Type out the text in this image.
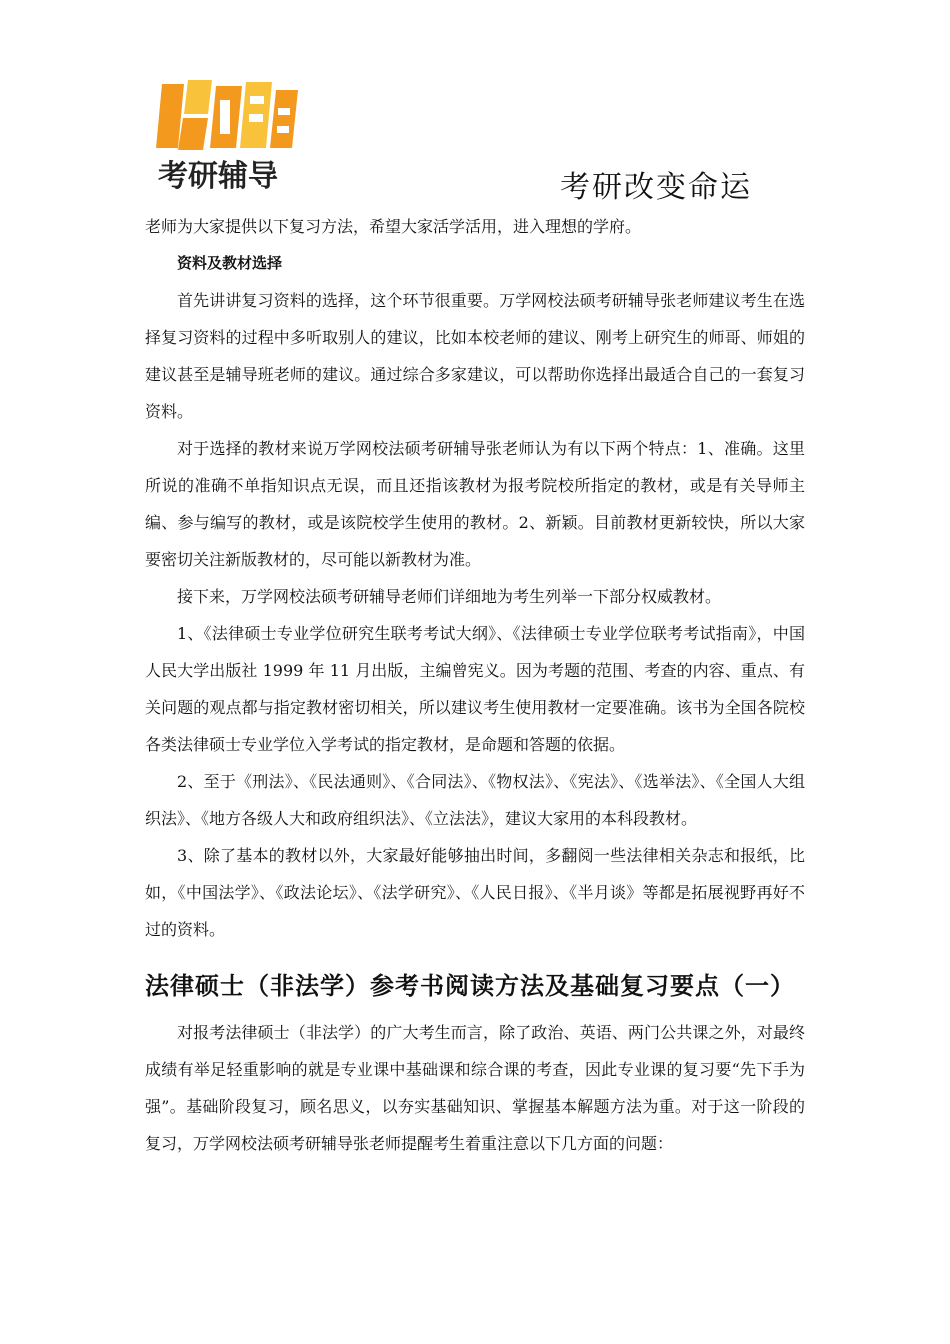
考研辅导	考研改变命运

老师为大家提供以下复习方法，希望大家活学活用，进入理想的学府。

资料及教材选择

首先讲讲复习资料的选择，这个环节很重要。万学网校法硕考研辅导张老师建议考生在选择复习资料的过程中多听取别人的建议，比如本校老师的建议、刚考上研究生的师哥、师姐的建议甚至是辅导班老师的建议。通过综合多家建议，可以帮助你选择出最适合自己的一套复习资料。

对于选择的教材来说万学网校法硕考研辅导张老师认为有以下两个特点：1、准确。这里所说的准确不单指知识点无误，而且还指该教材为报考院校所指定的教材，或是有关导师主编、参与编写的教材，或是该院校学生使用的教材。2、新颖。目前教材更新较快，所以大家要密切关注新版教材的，尽可能以新教材为准。

接下来，万学网校法硕考研辅导老师们详细地为考生列举一下部分权威教材。

1、《法律硕士专业学位研究生联考考试大纲》、《法律硕士专业学位联考考试指南》，中国人民大学出版社 1999 年 11 月出版，主编曾宪义。因为考题的范围、考查的内容、重点、有关问题的观点都与指定教材密切相关，所以建议考生使用教材一定要准确。该书为全国各院校各类法律硕士专业学位入学考试的指定教材，是命题和答题的依据。

2、至于《刑法》、《民法通则》、《合同法》、《物权法》、《宪法》、《选举法》、《全国人大组织法》、《地方各级人大和政府组织法》、《立法法》，建议大家用的本科段教材。

3、除了基本的教材以外，大家最好能够抽出时间，多翻阅一些法律相关杂志和报纸，比如，《中国法学》、《政法论坛》、《法学研究》、《人民日报》、《半月谈》等都是拓展视野再好不过的资料。

法律硕士（非法学）参考书阅读方法及基础复习要点（一）

对报考法律硕士（非法学）的广大考生而言，除了政治、英语、两门公共课之外，对最终成绩有举足轻重影响的就是专业课中基础课和综合课的考查，因此专业课的复习要“先下手为强”。基础阶段复习，顾名思义，以夯实基础知识、掌握基本解题方法为重。对于这一阶段的复习，万学网校法硕考研辅导张老师提醒考生着重注意以下几方面的问题：
